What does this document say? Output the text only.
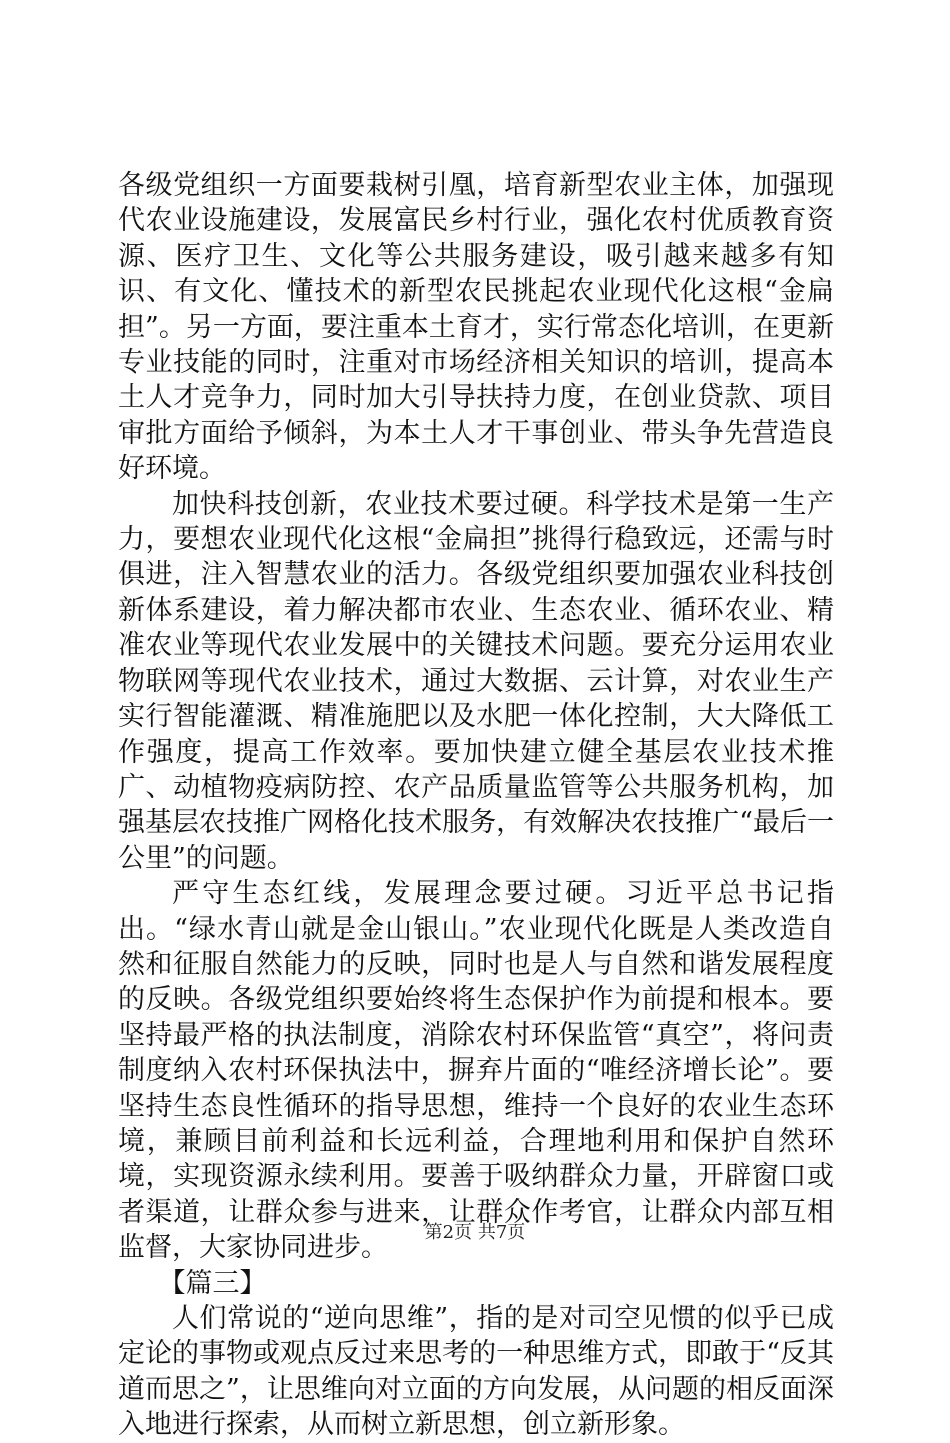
各级党组织一方面要栽树引凰，培育新型农业主体，加强现代农业设施建设，发展富民乡村行业，强化农村优质教育资源、医疗卫生、文化等公共服务建设，吸引越来越多有知识、有文化、懂技术的新型农民挑起农业现代化这根“金扁担”。另一方面，要注重本土育才，实行常态化培训，在更新专业技能的同时，注重对市场经济相关知识的培训，提高本土人才竞争力，同时加大引导扶持力度，在创业贷款、项目审批方面给予倾斜，为本土人才干事创业、带头争先营造良好环境。

加快科技创新，农业技术要过硬。科学技术是第一生产力，要想农业现代化这根“金扁担”挑得行稳致远，还需与时俱进，注入智慧农业的活力。各级党组织要加强农业科技创新体系建设，着力解决都市农业、生态农业、循环农业、精准农业等现代农业发展中的关键技术问题。要充分运用农业物联网等现代农业技术，通过大数据、云计算，对农业生产实行智能灌溉、精准施肥以及水肥一体化控制，大大降低工作强度，提高工作效率。要加快建立健全基层农业技术推广、动植物疫病防控、农产品质量监管等公共服务机构，加强基层农技推广网格化技术服务，有效解决农技推广“最后一公里”的问题。

严守生态红线，发展理念要过硬。习近平总书记指出。“绿水青山就是金山银山。”农业现代化既是人类改造自然和征服自然能力的反映，同时也是人与自然和谐发展程度的反映。各级党组织要始终将生态保护作为前提和根本。要坚持最严格的执法制度，消除农村环保监管“真空”，将问责制度纳入农村环保执法中，摒弃片面的“唯经济增长论”。要坚持生态良性循环的指导思想，维持一个良好的农业生态环境，兼顾目前利益和长远利益，合理地利用和保护自然环境，实现资源永续利用。要善于吸纳群众力量，开辟窗口或者渠道，让群众参与进来，让群众作考官，让群众内部互相监督，大家协同进步。

【篇三】

人们常说的“逆向思维”，指的是对司空见惯的似乎已成定论的事物或观点反过来思考的一种思维方式，即敢于“反其道而思之”，让思维向对立面的方向发展，从问题的相反面深入地进行探索，从而树立新思想，创立新形象。

第2页 共7页
